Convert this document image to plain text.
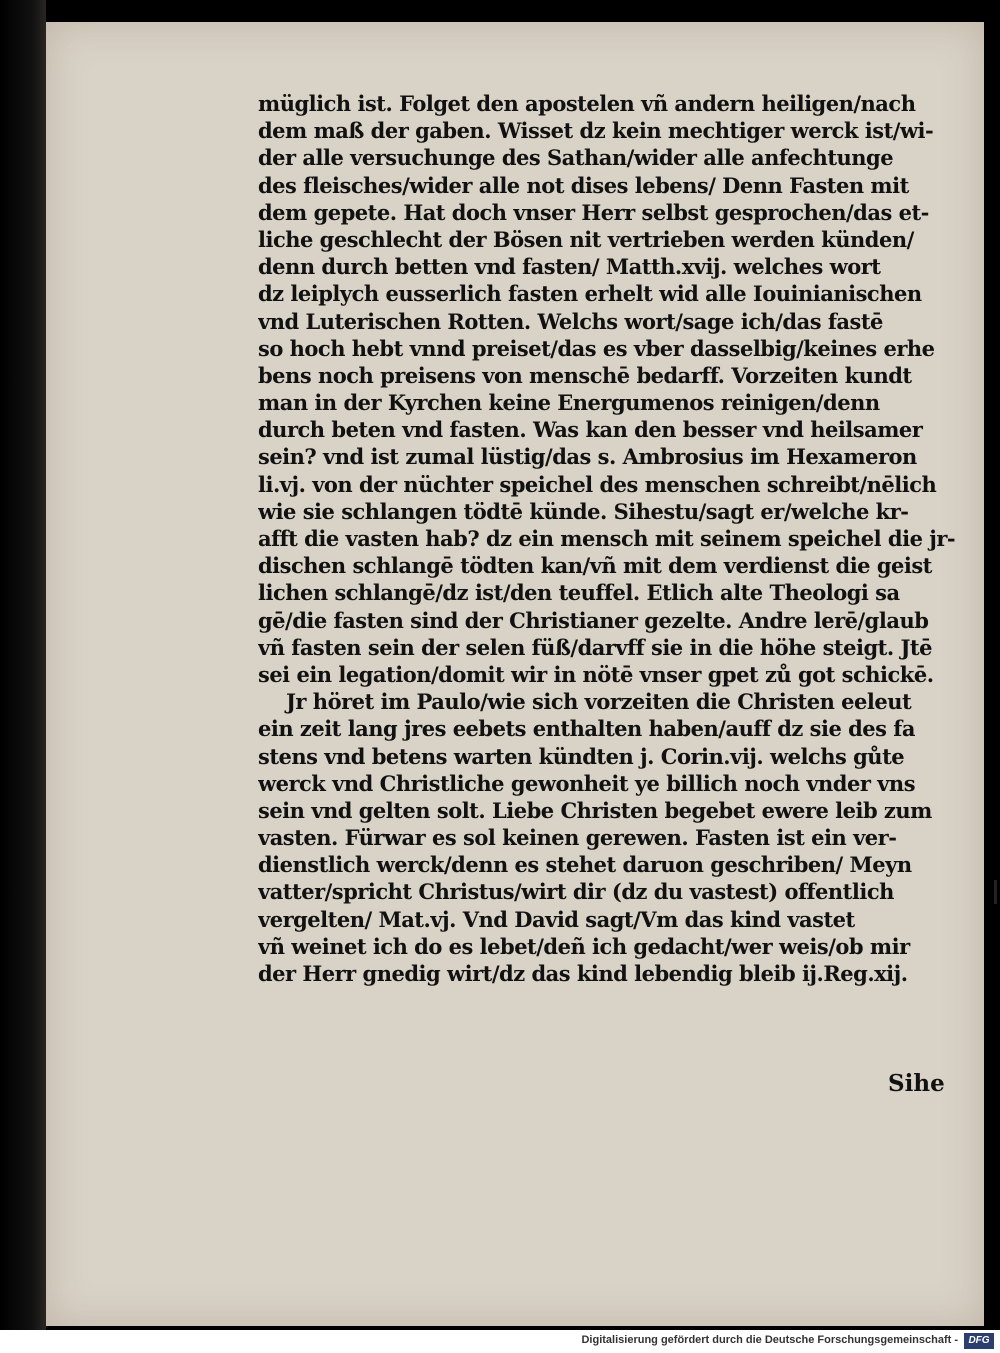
müglich ist. Folget den apostelen vñ andern heiligen/nach
dem maß der gaben. Wisset dz kein mechtiger werck ist/wi-
der alle versuchunge des Sathan/wider alle anfechtunge
des fleisches/wider alle not dises lebens/ Denn Fasten mit
dem gepete. Hat doch vnser Herr selbst gesprochen/das et-
liche geschlecht der Bösen nit vertrieben werden künden/
denn durch betten vnd fasten/ Matth.xvij. welches wort
dz leiplych eusserlich fasten erhelt wid alle Iouinianischen
vnd Luterischen Rotten. Welchs wort/sage ich/das fastē
so hoch hebt vnnd preiset/das es vber dasselbig/keines erhe
bens noch preisens von menschē bedarff. Vorzeiten kundt
man in der Kyrchen keine Energumenos reinigen/denn
durch beten vnd fasten. Was kan den besser vnd heilsamer
sein? vnd ist zumal lüstig/das s. Ambrosius im Hexameron
li.vj. von der nüchter speichel des menschen schreibt/nēlich
wie sie schlangen tödtē künde. Sihestu/sagt er/welche kr-
afft die vasten hab? dz ein mensch mit seinem speichel die jr-
dischen schlangē tödten kan/vñ mit dem verdienst die geist
lichen schlangē/dz ist/den teuffel. Etlich alte Theologi sa
gē/die fasten sind der Christianer gezelte. Andre lerē/glaub
vñ fasten sein der selen füß/darvff sie in die höhe steigt. Jtē
sei ein legation/domit wir in nötē vnser gpet zů got schickē.
Jr höret im Paulo/wie sich vorzeiten die Christen eeleut
ein zeit lang jres eebets enthalten haben/auff dz sie des fa
stens vnd betens warten kündten j. Corin.vij. welchs gůte
werck vnd Christliche gewonheit ye billich noch vnder vns
sein vnd gelten solt. Liebe Christen begebet ewere leib zum
vasten. Fürwar es sol keinen gerewen. Fasten ist ein ver-
dienstlich werck/denn es stehet daruon geschriben/ Meyn
vatter/spricht Christus/wirt dir (dz du vastest) offentlich
vergelten/ Mat.vj. Vnd David sagt/Vm das kind vastet
vñ weinet ich do es lebet/deñ ich gedacht/wer weis/ob mir
der Herr gnedig wirt/dz das kind lebendig bleib ij.Reg.xij.
Sihe
Digitalisierung gefördert durch die Deutsche Forschungsgemeinschaft -	DFG
